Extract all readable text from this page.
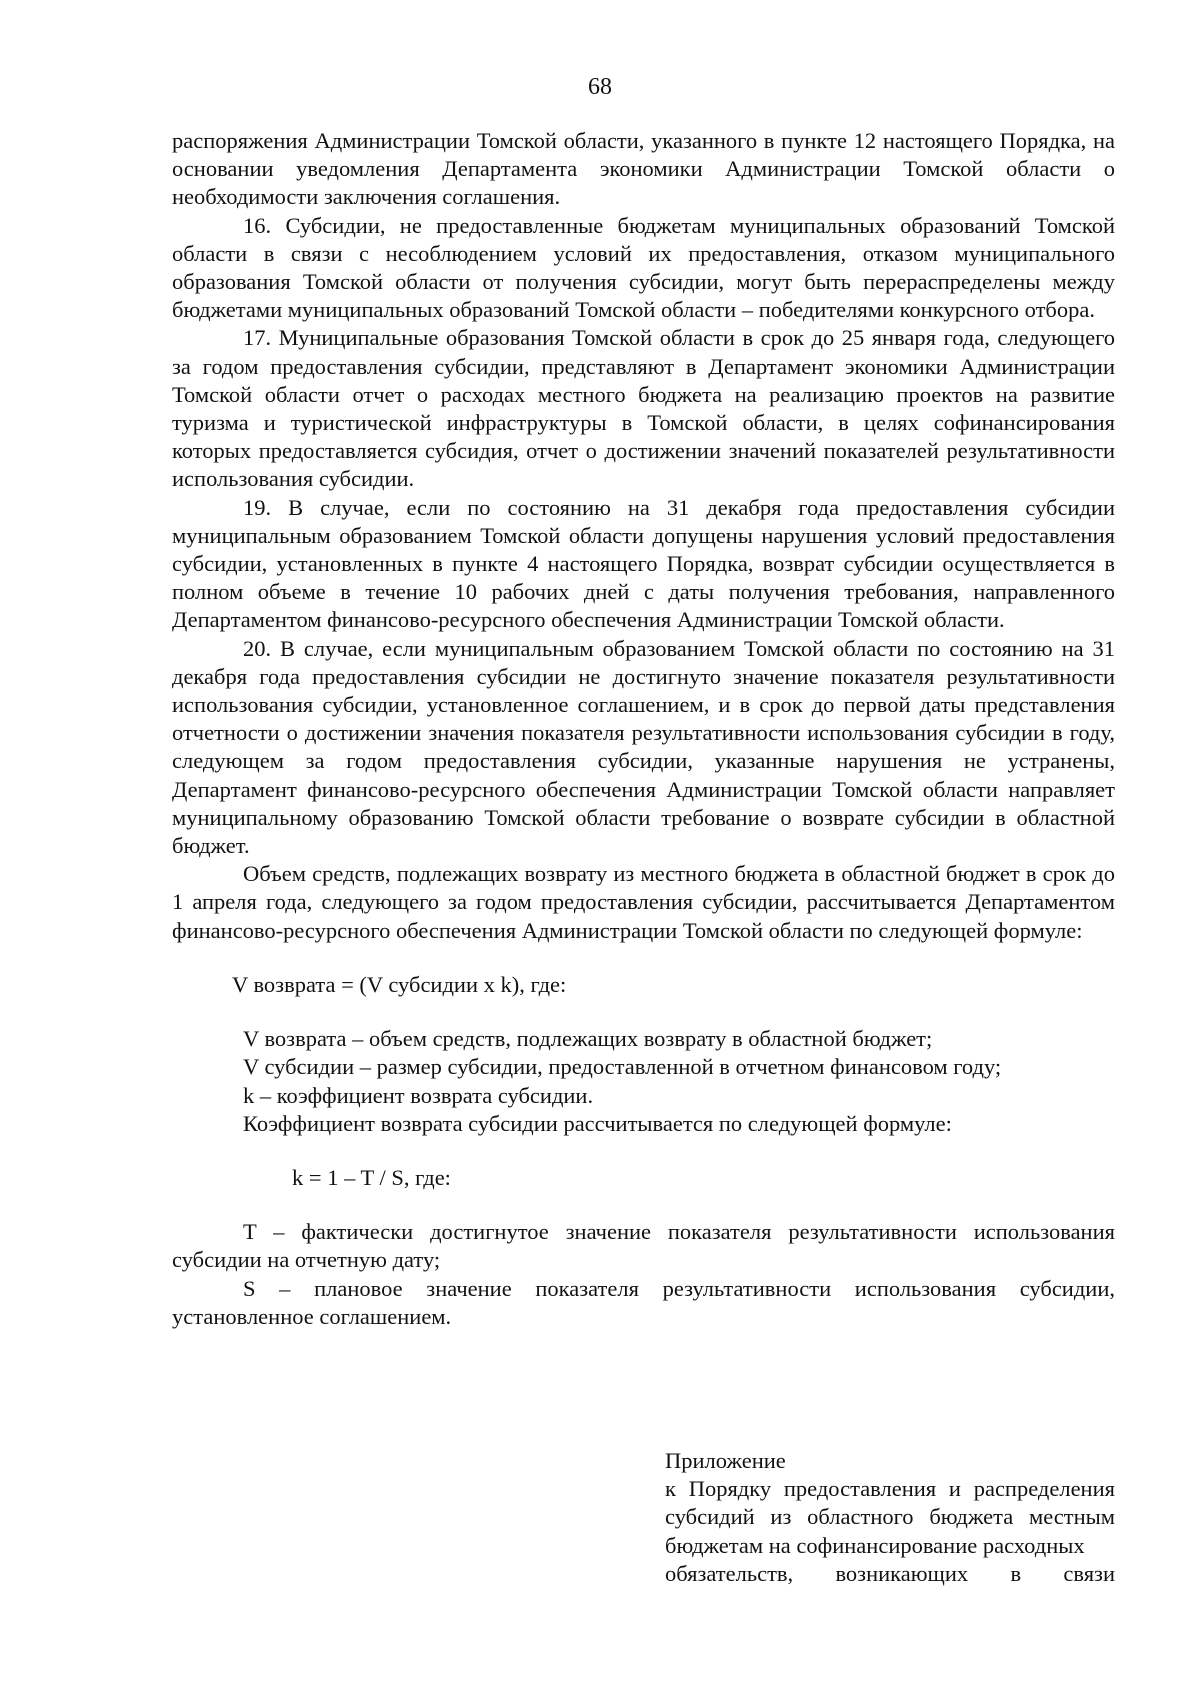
68

распоряжения Администрации Томской области, указанного в пункте 12 настоящего Порядка, на основании уведомления Департамента экономики Администрации Томской области о необходимости заключения соглашения.

16. Субсидии, не предоставленные бюджетам муниципальных образований Томской области в связи с несоблюдением условий их предоставления, отказом муниципального образования Томской области от получения субсидии, могут быть перераспределены между бюджетами муниципальных образований Томской области – победителями конкурсного отбора.

17. Муниципальные образования Томской области в срок до 25 января года, следующего за годом предоставления субсидии, представляют в Департамент экономики Администрации Томской области отчет о расходах местного бюджета на реализацию проектов на развитие туризма и туристической инфраструктуры в Томской области, в целях софинансирования которых предоставляется субсидия, отчет о достижении значений показателей результативности использования субсидии.

19. В случае, если по состоянию на 31 декабря года предоставления субсидии муниципальным образованием Томской области допущены нарушения условий предоставления субсидии, установленных в пункте 4 настоящего Порядка, возврат субсидии осуществляется в полном объеме в течение 10 рабочих дней с даты получения требования, направленного Департаментом финансово-ресурсного обеспечения Администрации Томской области.

20. В случае, если муниципальным образованием Томской области по состоянию на 31 декабря года предоставления субсидии не достигнуто значение показателя результативности использования субсидии, установленное соглашением, и в срок до первой даты представления отчетности о достижении значения показателя результативности использования субсидии в году, следующем за годом предоставления субсидии, указанные нарушения не устранены, Департамент финансово-ресурсного обеспечения Администрации Томской области направляет муниципальному образованию Томской области требование о возврате субсидии в областной бюджет.

Объем средств, подлежащих возврату из местного бюджета в областной бюджет в срок до 1 апреля года, следующего за годом предоставления субсидии, рассчитывается Департаментом финансово-ресурсного обеспечения Администрации Томской области по следующей формуле:

V возврата = (V субсидии x k), где:

V возврата – объем средств, подлежащих возврату в областной бюджет;

V субсидии – размер субсидии, предоставленной в отчетном финансовом году;

k – коэффициент возврата субсидии.

Коэффициент возврата субсидии рассчитывается по следующей формуле:

k = 1 – T / S, где:

T – фактически достигнутое значение показателя результативности использования субсидии на отчетную дату;

S – плановое значение показателя результативности использования субсидии, установленное соглашением.

Приложение

к Порядку предоставления и распределения субсидий из областного бюджета местным бюджетам на софинансирование расходных

обязательств, возникающих в связи
